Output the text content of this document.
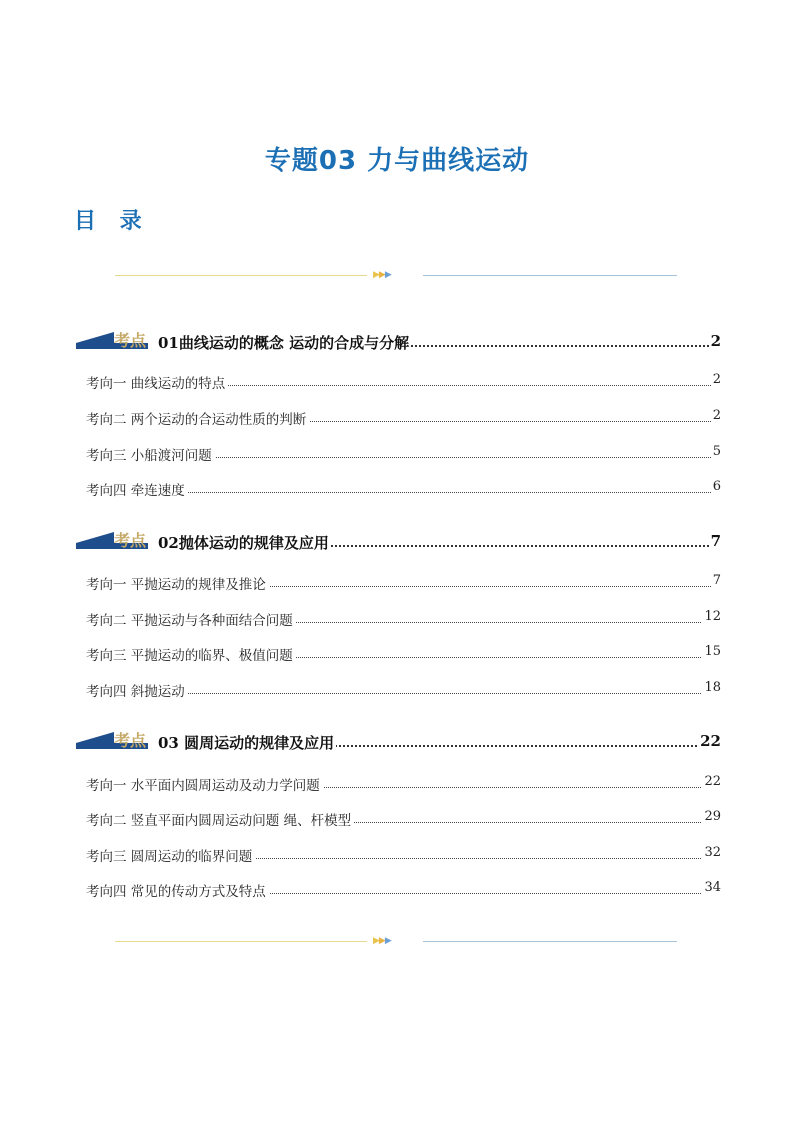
专题03 力与曲线运动
目 录
▶▶▶
考点 01曲线运动的概念 运动的合成与分解	2
考向一 曲线运动的特点	2
考向二 两个运动的合运动性质的判断	2
考向三 小船渡河问题	5
考向四 牵连速度	6
考点 02抛体运动的规律及应用	7
考向一 平抛运动的规律及推论	7
考向二 平抛运动与各种面结合问题	12
考向三 平抛运动的临界、极值问题	15
考向四 斜抛运动	18
考点 03 圆周运动的规律及应用	22
考向一 水平面内圆周运动及动力学问题	22
考向二 竖直平面内圆周运动问题 绳、杆模型	29
考向三 圆周运动的临界问题	32
考向四 常见的传动方式及特点	34
▶▶▶
